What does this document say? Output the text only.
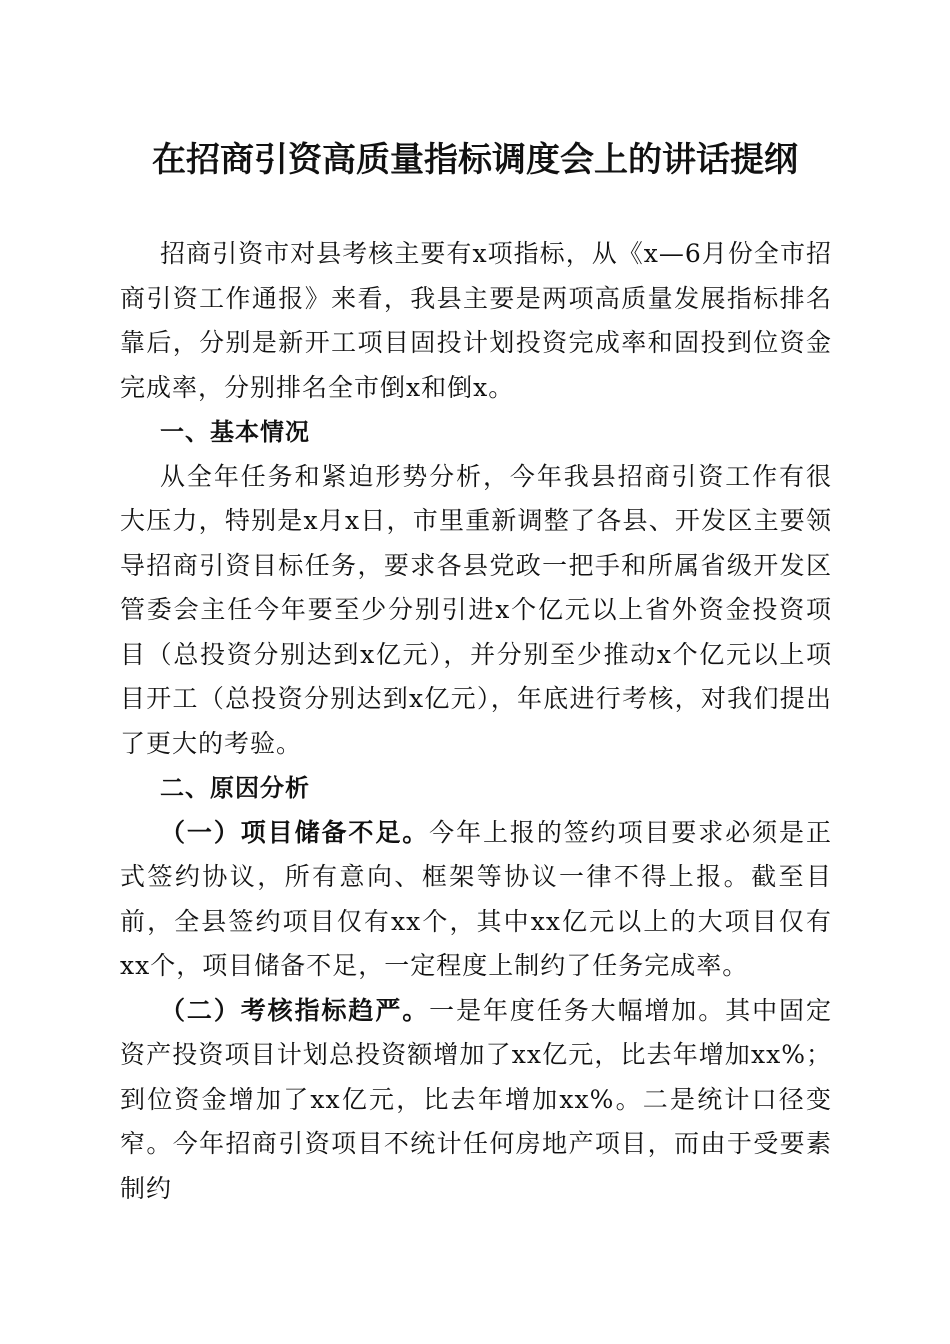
在招商引资高质量指标调度会上的讲话提纲

招商引资市对县考核主要有x项指标，从《x—6月份全市招商引资工作通报》来看，我县主要是两项高质量发展指标排名靠后，分别是新开工项目固投计划投资完成率和固投到位资金完成率，分别排名全市倒x和倒x。

一、基本情况

从全年任务和紧迫形势分析，今年我县招商引资工作有很大压力，特别是x月x日，市里重新调整了各县、开发区主要领导招商引资目标任务，要求各县党政一把手和所属省级开发区管委会主任今年要至少分别引进x个亿元以上省外资金投资项目（总投资分别达到x亿元），并分别至少推动x个亿元以上项目开工（总投资分别达到x亿元），年底进行考核，对我们提出了更大的考验。

二、原因分析

（一）项目储备不足。今年上报的签约项目要求必须是正式签约协议，所有意向、框架等协议一律不得上报。截至目前，全县签约项目仅有xx个，其中xx亿元以上的大项目仅有xx个，项目储备不足，一定程度上制约了任务完成率。

（二）考核指标趋严。一是年度任务大幅增加。其中固定资产投资项目计划总投资额增加了xx亿元，比去年增加xx%；到位资金增加了xx亿元，比去年增加xx%。二是统计口径变窄。今年招商引资项目不统计任何房地产项目，而由于受要素制约
